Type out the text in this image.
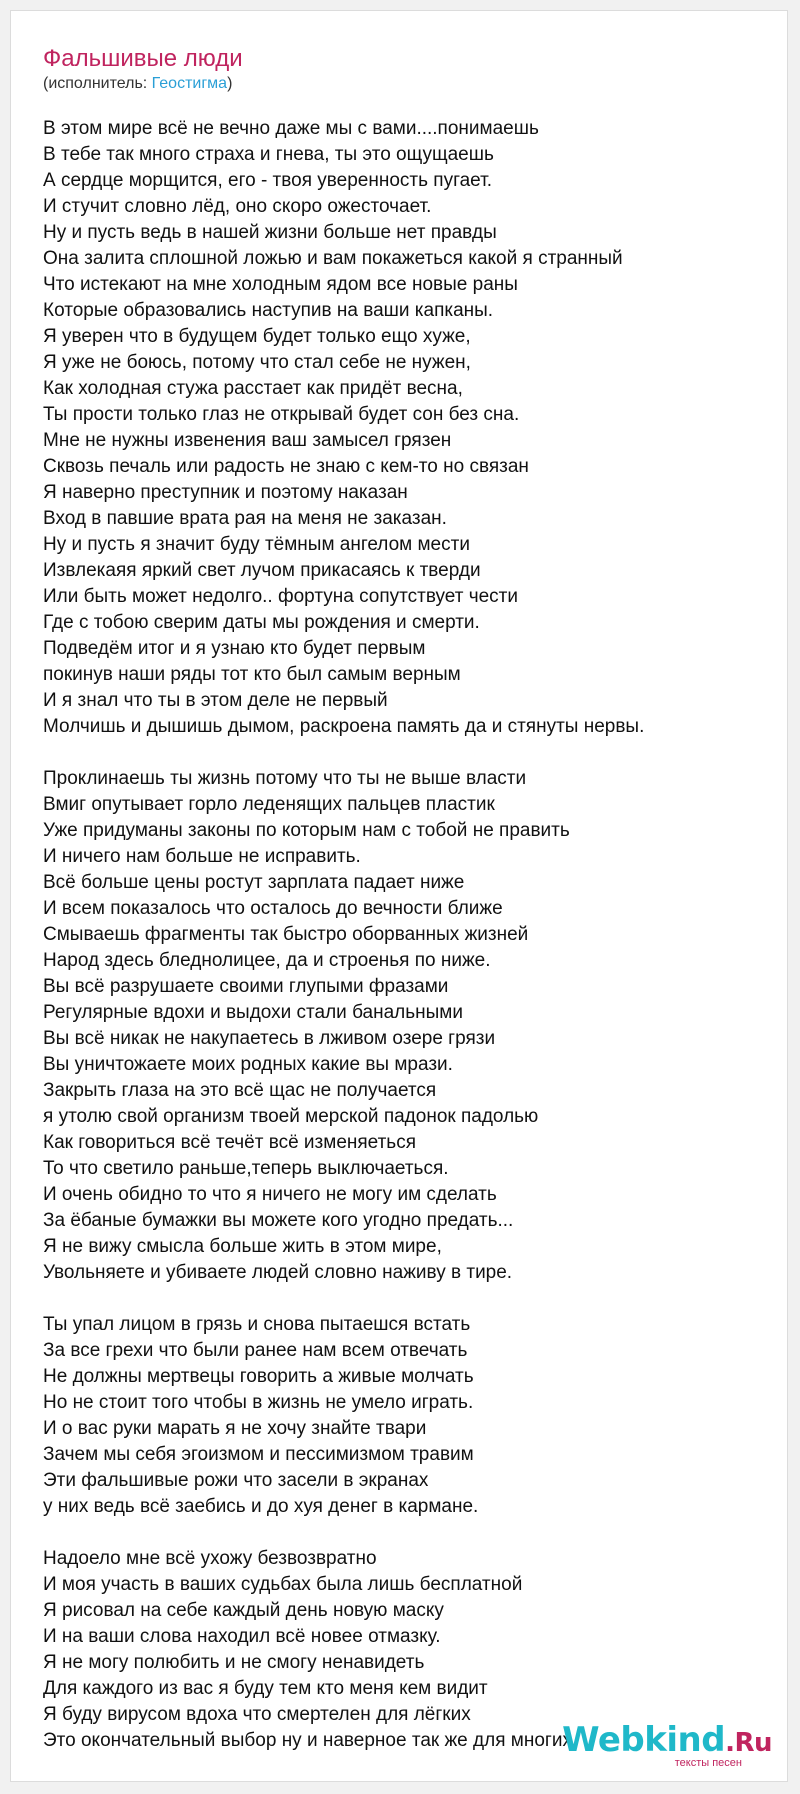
Фальшивые люди
(исполнитель: Геостигма)
В этом мире всё не вечно даже мы с вами....понимаешь
В тебе так много страха и гнева, ты это ощущаешь
А сердце морщится, его - твоя уверенность пугает.
И стучит словно лёд, оно скоро ожесточает.
Ну и пусть ведь в нашей жизни больше нет правды
Она залита сплошной ложью и вам покажеться какой я странный
Что истекают на мне холодным ядом все новые раны
Которые образовались наступив на ваши капканы.
Я уверен что в будущем будет только ещо хуже,
Я уже не боюсь, потому что стал себе не нужен,
Как холодная стужа расстает как придёт весна,
Ты прости только глаз не открывай будет сон без сна.
Мне не нужны извенения ваш замысел грязен
Сквозь печаль или радость не знаю с кем-то но связан
Я наверно преступник и поэтому наказан
Вход в павшие врата рая на меня не заказан.
Ну и пусть я значит буду тёмным ангелом мести
Извлекаяя яркий свет лучом прикасаясь к тверди
Или быть может недолго.. фортуна сопутствует чести
Где с тобою сверим даты мы рождения и смерти.
Подведём итог и я узнаю кто будет первым
покинув наши ряды тот кто был самым верным
И я знал что ты в этом деле не первый
Молчишь и дышишь дымом, раскроена память да и стянуты нервы.
Проклинаешь ты жизнь потому что ты не выше власти
Вмиг опутывает горло леденящих пальцев пластик
Уже придуманы законы по которым нам с тобой не править
И ничего нам больше не исправить.
Всё больше цены ростут зарплата падает ниже
И всем показалось что осталось до вечности ближе
Смываешь фрагменты так быстро оборванных жизней
Народ здесь бледнолицее, да и строенья по ниже.
Вы всё разрушаете своими глупыми фразами
Регулярные вдохи и выдохи стали банальными
Вы всё никак не накупаетесь в лживом озере грязи
Вы уничтожаете моих родных какие вы мрази.
Закрыть глаза на это всё щас не получается
я утолю свой организм твоей мерской падонок падолью
Как говориться всё течёт всё изменяеться
То что светило раньше,теперь выключаеться.
И очень обидно то что я ничего не могу им сделать
За ёбаные бумажки вы можете кого угодно предать...
Я не вижу смысла больше жить в этом мире,
Увольняете и убиваете людей словно наживу в тире.
Ты упал лицом в грязь и снова пытаешся встать
За все грехи что были ранее нам всем отвечать
Не должны мертвецы говорить а живые молчать
Но не стоит того чтобы в жизнь не умело играть.
И о вас руки марать я не хочу знайте твари
Зачем мы себя эгоизмом и пессимизмом травим
Эти фальшивые рожи что засели в экранах
у них ведь всё заебись и до хуя денег в кармане.
Надоело мне всё ухожу безвозвратно
И моя участь в ваших судьбах была лишь бесплатной
Я рисовал на себе каждый день новую маску
И на ваши слова находил всё новее отмазку.
Я не могу полюбить и не смогу ненавидеть
Для каждого из вас я буду тем кто меня кем видит
Я буду вирусом вдоха что смертелен для лёгких
Это окончательный выбор ну и наверное так же для многих.
Webkind.Ru
тексты песен
